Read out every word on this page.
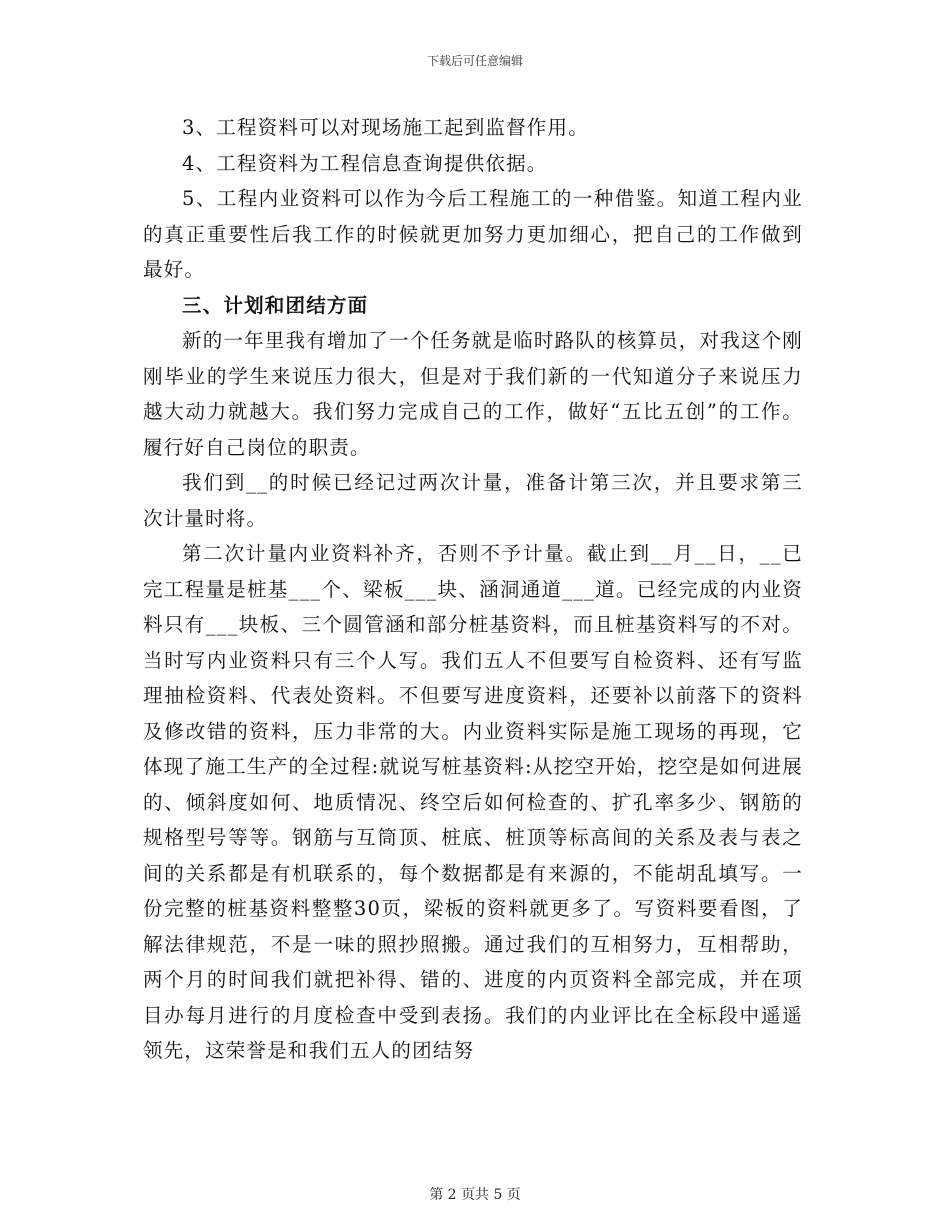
下载后可任意编辑

3、工程资料可以对现场施工起到监督作用。

4、工程资料为工程信息查询提供依据。

5、工程内业资料可以作为今后工程施工的一种借鉴。知道工程内业的真正重要性后我工作的时候就更加努力更加细心，把自己的工作做到最好。

三、计划和团结方面

新的一年里我有增加了一个任务就是临时路队的核算员，对我这个刚刚毕业的学生来说压力很大，但是对于我们新的一代知道分子来说压力越大动力就越大。我们努力完成自己的工作，做好“五比五创”的工作。履行好自己岗位的职责。

我们到__的时候已经记过两次计量，准备计第三次，并且要求第三次计量时将。

第二次计量内业资料补齐，否则不予计量。截止到__月__日，__已完工程量是桩基___个、梁板___块、涵洞通道___道。已经完成的内业资料只有___块板、三个圆管涵和部分桩基资料，而且桩基资料写的不对。当时写内业资料只有三个人写。我们五人不但要写自检资料、还有写监理抽检资料、代表处资料。不但要写进度资料，还要补以前落下的资料及修改错的资料，压力非常的大。内业资料实际是施工现场的再现，它体现了施工生产的全过程:就说写桩基资料:从挖空开始，挖空是如何进展的、倾斜度如何、地质情况、终空后如何检查的、扩孔率多少、钢筋的规格型号等等。钢筋与互筒顶、桩底、桩顶等标高间的关系及表与表之间的关系都是有机联系的，每个数据都是有来源的，不能胡乱填写。一份完整的桩基资料整整30页，梁板的资料就更多了。写资料要看图，了解法律规范，不是一味的照抄照搬。通过我们的互相努力，互相帮助，两个月的时间我们就把补得、错的、进度的内页资料全部完成，并在项目办每月进行的月度检查中受到表扬。我们的内业评比在全标段中遥遥领先，这荣誉是和我们五人的团结努

第 2 页共 5 页
